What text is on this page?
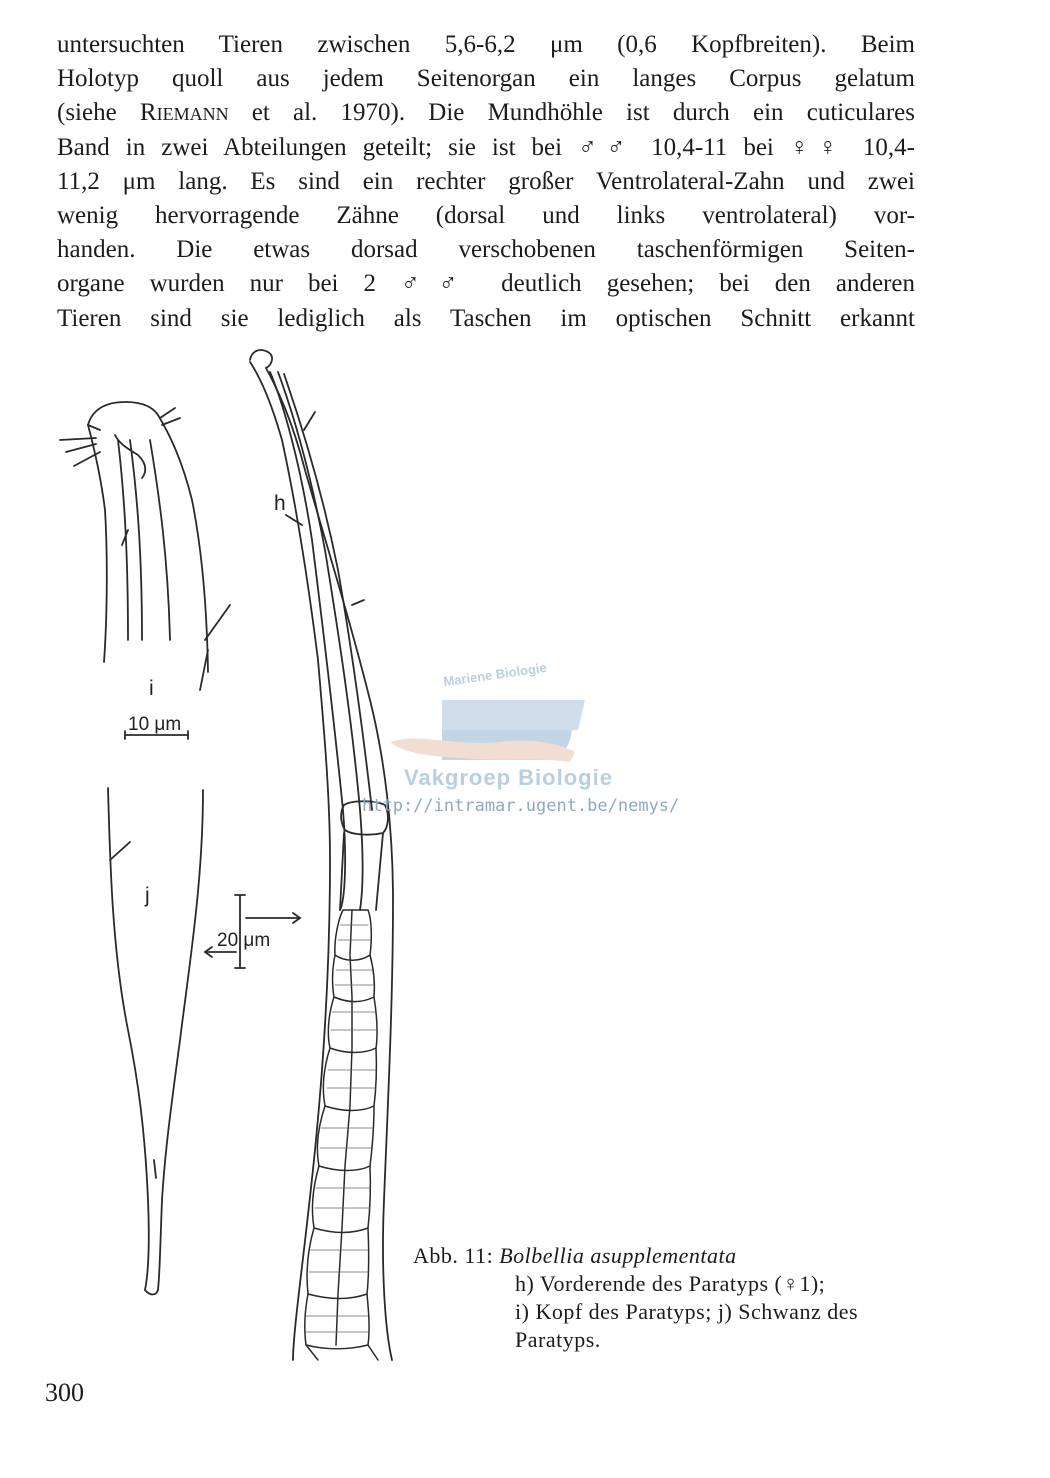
untersuchten Tieren zwischen 5,6-6,2 μm (0,6 Kopfbreiten). Beim
Holotyp quoll aus jedem Seitenorgan ein langes Corpus gelatum
(siehe Riemann et al. 1970). Die Mundhöhle ist durch ein cuticulares
Band in zwei Abteilungen geteilt; sie ist bei ♂♂ 10,4-11 bei ♀♀ 10,4-
11,2 μm lang. Es sind ein rechter großer Ventrolateral-Zahn und zwei
wenig hervorragende Zähne (dorsal und links ventrolateral) vor-
handen. Die etwas dorsad verschobenen taschenförmigen Seiten-
organe wurden nur bei 2 ♂♂ deutlich gesehen; bei den anderen
Tieren sind sie lediglich als Taschen im optischen Schnitt erkannt
h
i
10 μm
j
20 μm
Mariene Biologie
Vakgroep Biologie
http://intramar.ugent.be/nemys/
Abb. 11: Bolbellia asupplementata
h) Vorderende des Paratyps (♀1);
i) Kopf des Paratyps; j) Schwanz des
Paratyps.
300
